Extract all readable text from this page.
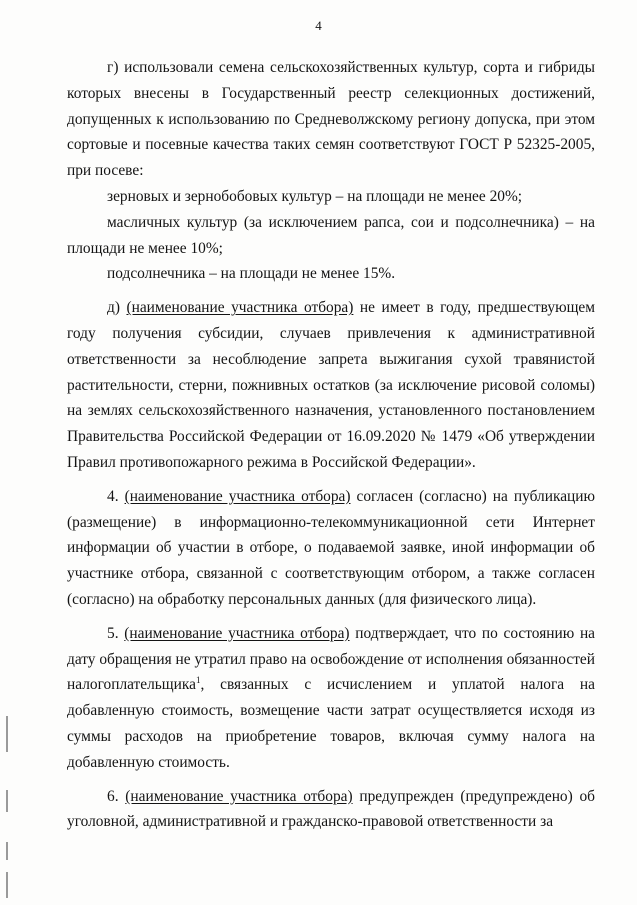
4

г) использовали семена сельскохозяйственных культур, сорта и гибриды которых внесены в Государственный реестр селекционных достижений, допущенных к использованию по Средневолжскому региону допуска, при этом сортовые и посевные качества таких семян соответствуют ГОСТ Р 52325-2005, при посеве:

зерновых и зернобобовых культур – на площади не менее 20%;

масличных культур (за исключением рапса, сои и подсолнечника) – на площади не менее 10%;

подсолнечника – на площади не менее 15%.

д) (наименование участника отбора) не имеет в году, предшествующем году получения субсидии, случаев привлечения к административной ответственности за несоблюдение запрета выжигания сухой травянистой растительности, стерни, пожнивных остатков (за исключение рисовой соломы) на землях сельскохозяйственного назначения, установленного постановлением Правительства Российской Федерации от 16.09.2020 № 1479 «Об утверждении Правил противопожарного режима в Российской Федерации».

4. (наименование участника отбора) согласен (согласно) на публикацию (размещение) в информационно-телекоммуникационной сети Интернет информации об участии в отборе, о подаваемой заявке, иной информации об участнике отбора, связанной с соответствующим отбором, а также согласен (согласно) на обработку персональных данных (для физического лица).

5. (наименование участника отбора) подтверждает, что по состоянию на дату обращения не утратил право на освобождение от исполнения обязанностей налогоплательщика$^1$, связанных с исчислением и уплатой налога на добавленную стоимость, возмещение части затрат осуществляется исходя из суммы расходов на приобретение товаров, включая сумму налога на добавленную стоимость.

6. (наименование участника отбора) предупрежден (предупреждено) об уголовной, административной и гражданско-правовой ответственности за
